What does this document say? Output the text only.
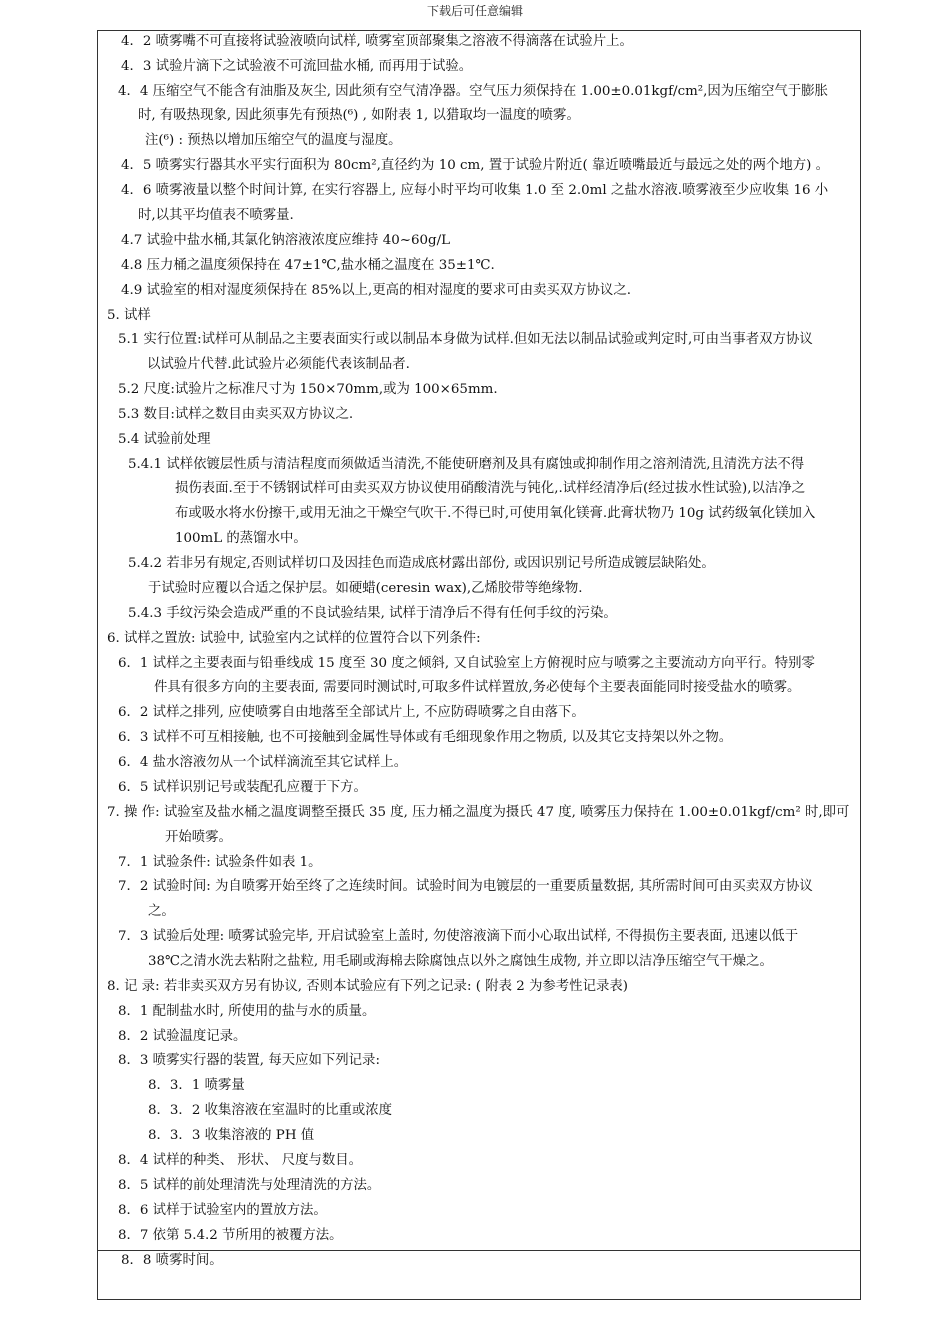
下载后可任意编辑
4．2 喷雾嘴不可直接将试验液喷向试样, 喷雾室顶部聚集之溶液不得滴落在试验片上。
4．3 试验片滴下之试验液不可流回盐水桶, 而再用于试验。
4．4 压缩空气不能含有油脂及灰尘, 因此须有空气清净器。空气压力须保持在 1.00±0.01kgf/cm²,因为压缩空气于膨胀
时, 有吸热现象, 因此须事先有预热(⁶) , 如附表 1, 以猎取均一温度的喷雾。
注(⁶) : 预热以增加压缩空气的温度与湿度。
4．5 喷雾实行器其水平实行面积为 80cm²,直径约为 10 cm, 置于试验片附近( 靠近喷嘴最近与最远之处的两个地方) 。
4．6 喷雾液量以整个时间计算, 在实行容器上, 应每小时平均可收集 1.0 至 2.0ml 之盐水溶液.喷雾液至少应收集 16 小
时,以其平均值表不喷雾量.
4.7 试验中盐水桶,其氯化钠溶液浓度应维持 40~60g/L
4.8 压力桶之温度须保持在 47±1℃,盐水桶之温度在 35±1℃.
4.9 试验室的相对湿度须保持在 85%以上,更高的相对湿度的要求可由卖买双方协议之.
5. 试样
5.1 实行位置:试样可从制品之主要表面实行或以制品本身做为试样.但如无法以制品试验或判定时,可由当事者双方协议
以试验片代替.此试验片必须能代表该制品者.
5.2 尺度:试验片之标准尺寸为 150×70mm,或为 100×65mm.
5.3 数目:试样之数目由卖买双方协议之.
5.4 试验前处理
5.4.1 试样依镀层性质与清洁程度而须做适当清洗,不能使研磨剂及具有腐蚀或抑制作用之溶剂清洗,且清洗方法不得
损伤表面.至于不锈钢试样可由卖买双方协议使用硝酸清洗与钝化,.试样经清净后(经过拔水性试验),以洁净之
布或吸水将水份擦干,或用无油之干燥空气吹干.不得已时,可使用氧化镁膏.此膏状物乃 10g 试药级氧化镁加入
100mL 的蒸馏水中。
5.4.2 若非另有规定,否则试样切口及因挂色而造成底材露出部份, 或因识别记号所造成镀层缺陷处。
于试验时应覆以合适之保护层。如硬蜡(ceresin wax),乙烯胶带等绝缘物.
5.4.3 手纹污染会造成严重的不良试验结果, 试样于清净后不得有任何手纹的污染。
6. 试样之置放: 试验中, 试验室内之试样的位置符合以下列条件:
6．1 试样之主要表面与铅垂线成 15 度至 30 度之倾斜, 又自试验室上方俯视时应与喷雾之主要流动方向平行。特别零
件具有很多方向的主要表面, 需要同时测试时,可取多件试样置放,务必使每个主要表面能同时接受盐水的喷雾。
6．2 试样之排列, 应使喷雾自由地落至全部试片上, 不应防碍喷雾之自由落下。
6．3 试样不可互相接触, 也不可接触到金属性导体或有毛细现象作用之物质, 以及其它支持架以外之物。
6．4 盐水溶液勿从一个试样滴流至其它试样上。
6．5 试样识别记号或装配孔应覆于下方。
7. 操 作: 试验室及盐水桶之温度调整至摄氏 35 度, 压力桶之温度为摄氏 47 度, 喷雾压力保持在 1.00±0.01kgf/cm² 时,即可
开始喷雾。
7．1 试验条件: 试验条件如表 1。
7．2 试验时间: 为自喷雾开始至终了之连续时间。试验时间为电镀层的一重要质量数据, 其所需时间可由买卖双方协议
之。
7．3 试验后处理: 喷雾试验完毕, 开启试验室上盖时, 勿使溶液滴下而小心取出试样, 不得损伤主要表面, 迅速以低于
38℃之清水洗去粘附之盐粒, 用毛刷或海棉去除腐蚀点以外之腐蚀生成物, 并立即以洁净压缩空气干燥之。
8. 记 录: 若非卖买双方另有协议, 否则本试验应有下列之记录: ( 附表 2 为参考性记录表)
8．1 配制盐水时, 所使用的盐与水的质量。
8．2 试验温度记录。
8．3 喷雾实行器的装置, 每天应如下列记录:
8．3．1 喷雾量
8．3．2 收集溶液在室温时的比重或浓度
8．3．3 收集溶液的 PH 值
8．4 试样的种类、 形状、 尺度与数目。
8．5 试样的前处理清洗与处理清洗的方法。
8．6 试样于试验室内的置放方法。
8．7 依第 5.4.2 节所用的被覆方法。
8．8 喷雾时间。
